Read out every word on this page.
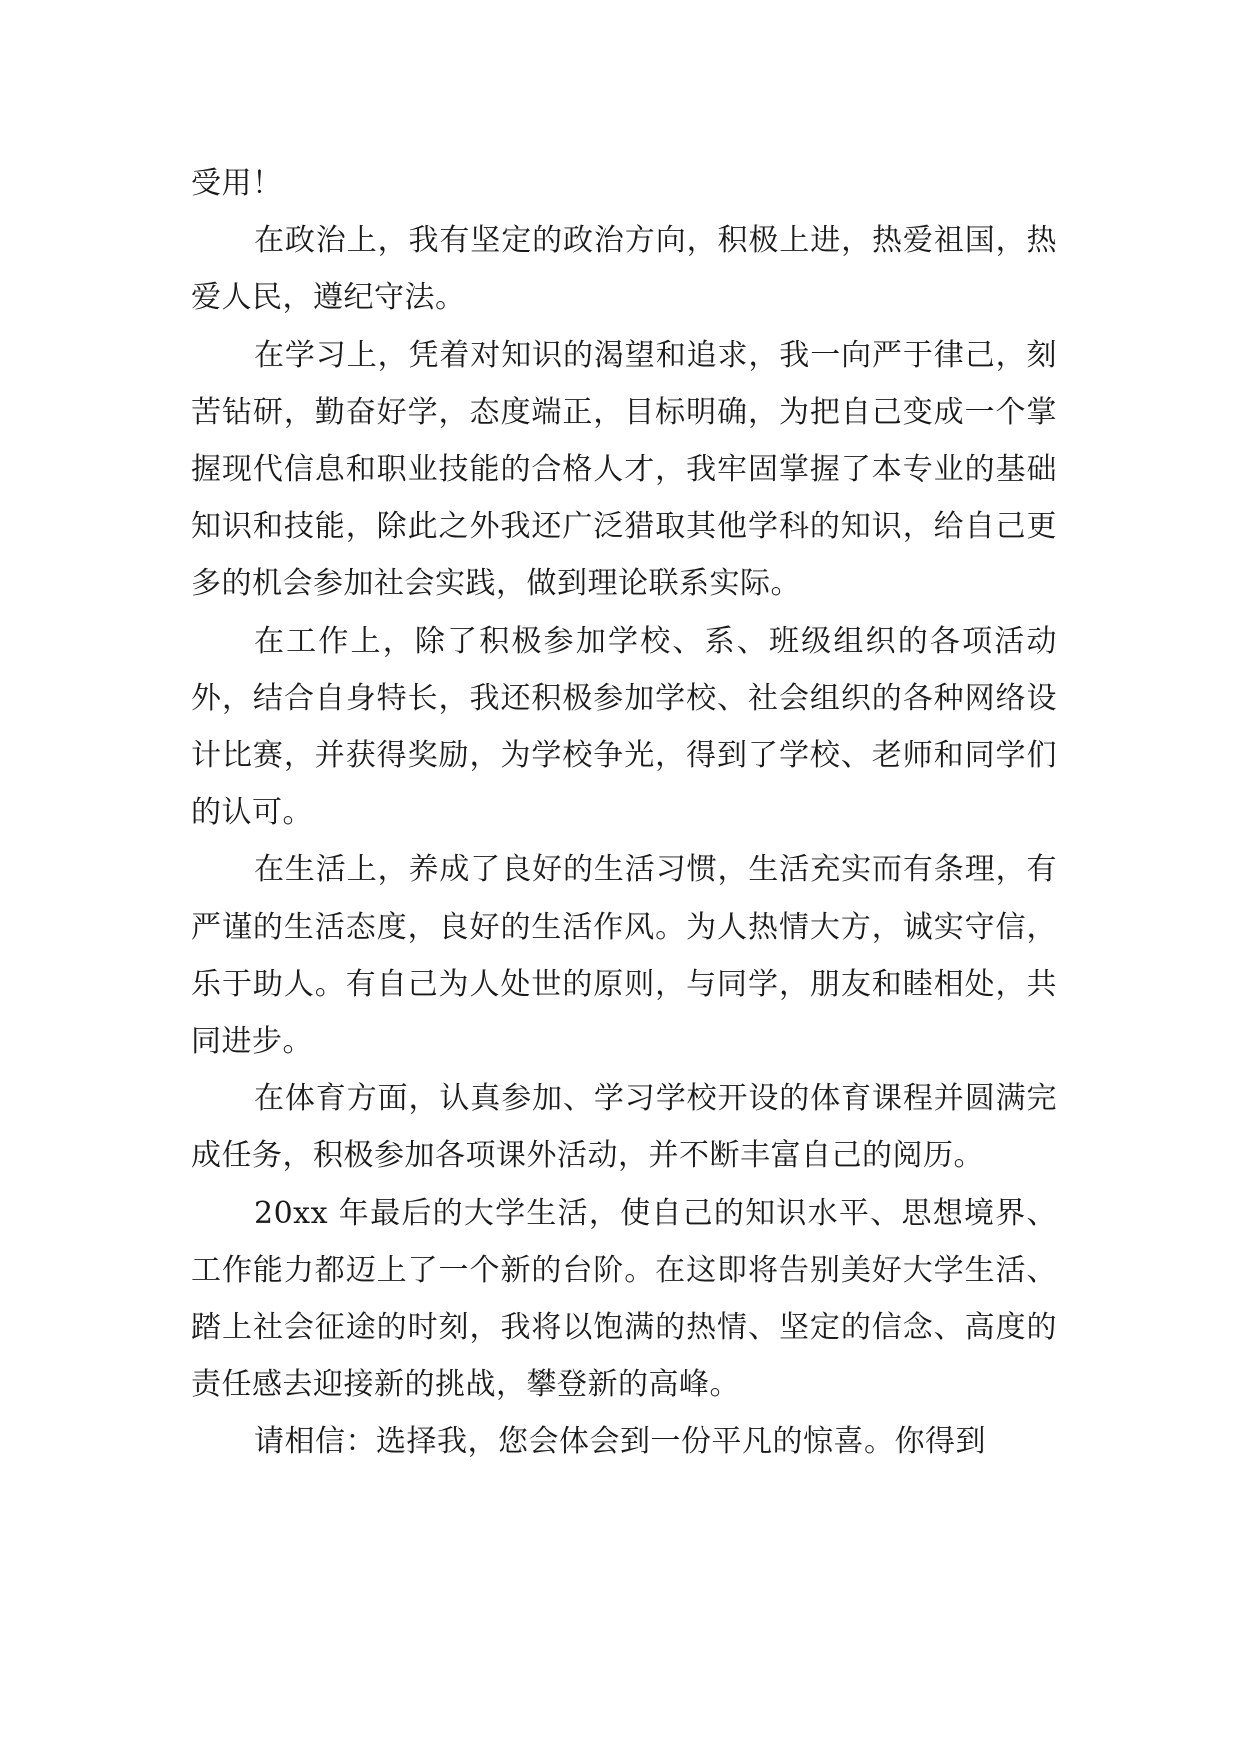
受用！

在政治上，我有坚定的政治方向，积极上进，热爱祖国，热爱人民，遵纪守法。

在学习上，凭着对知识的渴望和追求，我一向严于律己，刻苦钻研，勤奋好学，态度端正，目标明确，为把自己变成一个掌握现代信息和职业技能的合格人才，我牢固掌握了本专业的基础知识和技能，除此之外我还广泛猎取其他学科的知识，给自己更多的机会参加社会实践，做到理论联系实际。

在工作上，除了积极参加学校、系、班级组织的各项活动外，结合自身特长，我还积极参加学校、社会组织的各种网络设计比赛，并获得奖励，为学校争光，得到了学校、老师和同学们的认可。

在生活上，养成了良好的生活习惯，生活充实而有条理，有严谨的生活态度，良好的生活作风。为人热情大方，诚实守信，乐于助人。有自己为人处世的原则，与同学，朋友和睦相处，共同进步。

在体育方面，认真参加、学习学校开设的体育课程并圆满完成任务，积极参加各项课外活动，并不断丰富自己的阅历。

20xx 年最后的大学生活，使自己的知识水平、思想境界、工作能力都迈上了一个新的台阶。在这即将告别美好大学生活、踏上社会征途的时刻，我将以饱满的热情、坚定的信念、高度的责任感去迎接新的挑战，攀登新的高峰。

请相信：选择我，您会体会到一份平凡的惊喜。你得到
